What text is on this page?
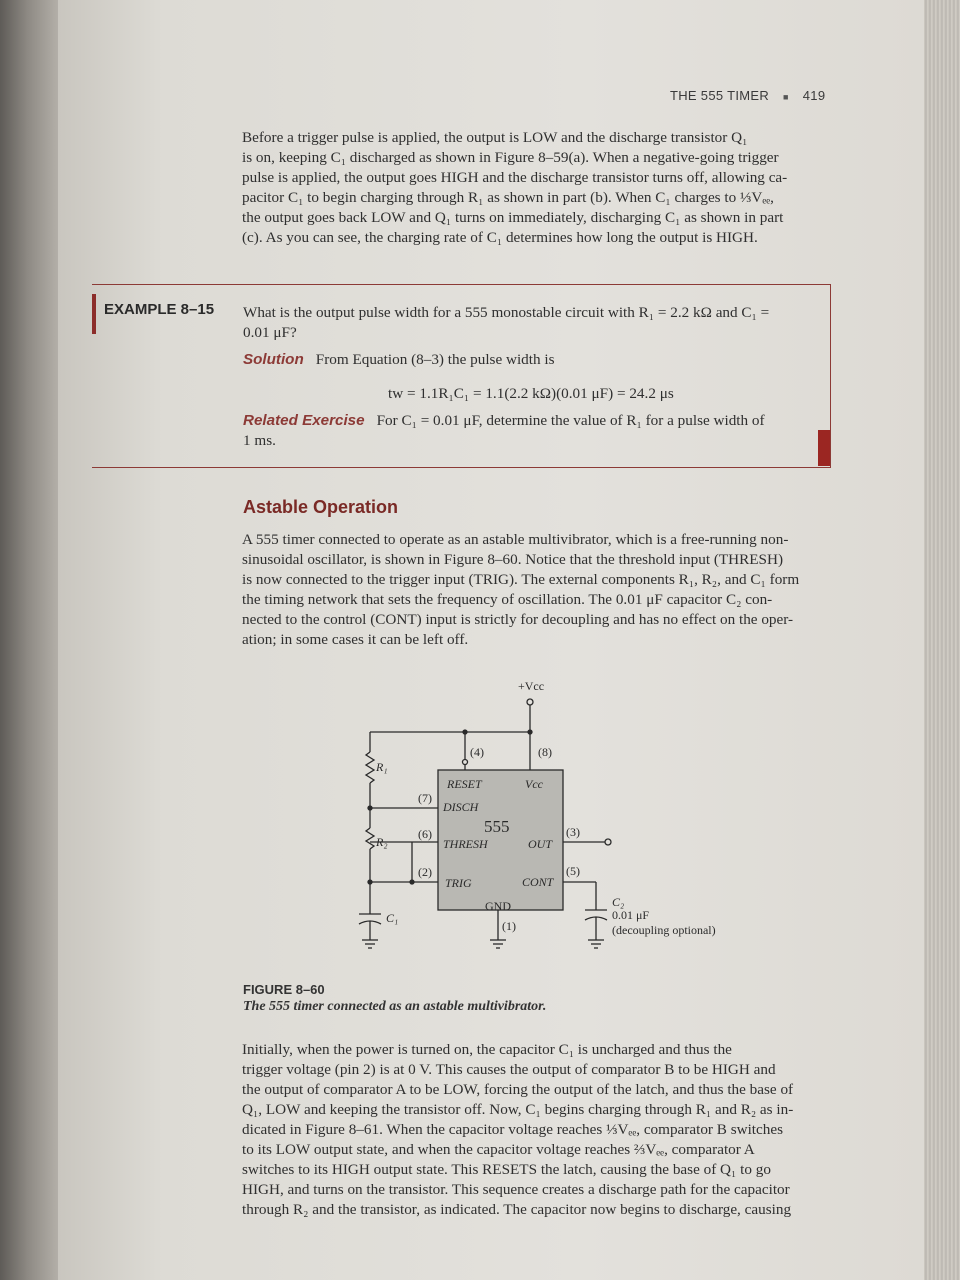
THE 555 TIMER ■ 419

Before a trigger pulse is applied, the output is LOW and the discharge transistor Q₁
is on, keeping C₁ discharged as shown in Figure 8–59(a). When a negative-going trigger
pulse is applied, the output goes HIGH and the discharge transistor turns off, allowing ca-
pacitor C₁ to begin charging through R₁ as shown in part (b). When C₁ charges to ⅓Vₑₑ,
the output goes back LOW and Q₁ turns on immediately, discharging C₁ as shown in part
(c). As you can see, the charging rate of C₁ determines how long the output is HIGH.

EXAMPLE 8–15	What is the output pulse width for a 555 monostable circuit with R₁ = 2.2 kΩ and C₁ =
0.01 μF?

Solution From Equation (8–3) the pulse width is

tᴡ = 1.1R₁C₁ = 1.1(2.2 kΩ)(0.01 μF) = 24.2 μs

Related Exercise For C₁ = 0.01 μF, determine the value of R₁ for a pulse width of
1 ms.

Astable Operation

A 555 timer connected to operate as an astable multivibrator, which is a free-running non-
sinusoidal oscillator, is shown in Figure 8–60. Notice that the threshold input (THRESH)
is now connected to the trigger input (TRIG). The external components R₁, R₂, and C₁ form
the timing network that sets the frequency of oscillation. The 0.01 μF capacitor C₂ con-
nected to the control (CONT) input is strictly for decoupling and has no effect on the oper-
ation; in some cases it can be left off.

+Vcc
(4)	(8)
(7)
(6)
(2)
(3)
(5)
(1)
RESET	Vcc
DISCH
THRESH	OUT
TRIG	CONT
GND
R₁
R₂
C₁
C₂
0.01 μF
(decoupling optional)
555
FIGURE 8–60
The 555 timer connected as an astable multivibrator.

Initially, when the power is turned on, the capacitor C₁ is uncharged and thus the
trigger voltage (pin 2) is at 0 V. This causes the output of comparator B to be HIGH and
the output of comparator A to be LOW, forcing the output of the latch, and thus the base of
Q₁, LOW and keeping the transistor off. Now, C₁ begins charging through R₁ and R₂ as in-
dicated in Figure 8–61. When the capacitor voltage reaches ⅓Vₑₑ, comparator B switches
to its LOW output state, and when the capacitor voltage reaches ⅔Vₑₑ, comparator A
switches to its HIGH output state. This RESETS the latch, causing the base of Q₁ to go
HIGH, and turns on the transistor. This sequence creates a discharge path for the capacitor
through R₂ and the transistor, as indicated. The capacitor now begins to discharge, causing
